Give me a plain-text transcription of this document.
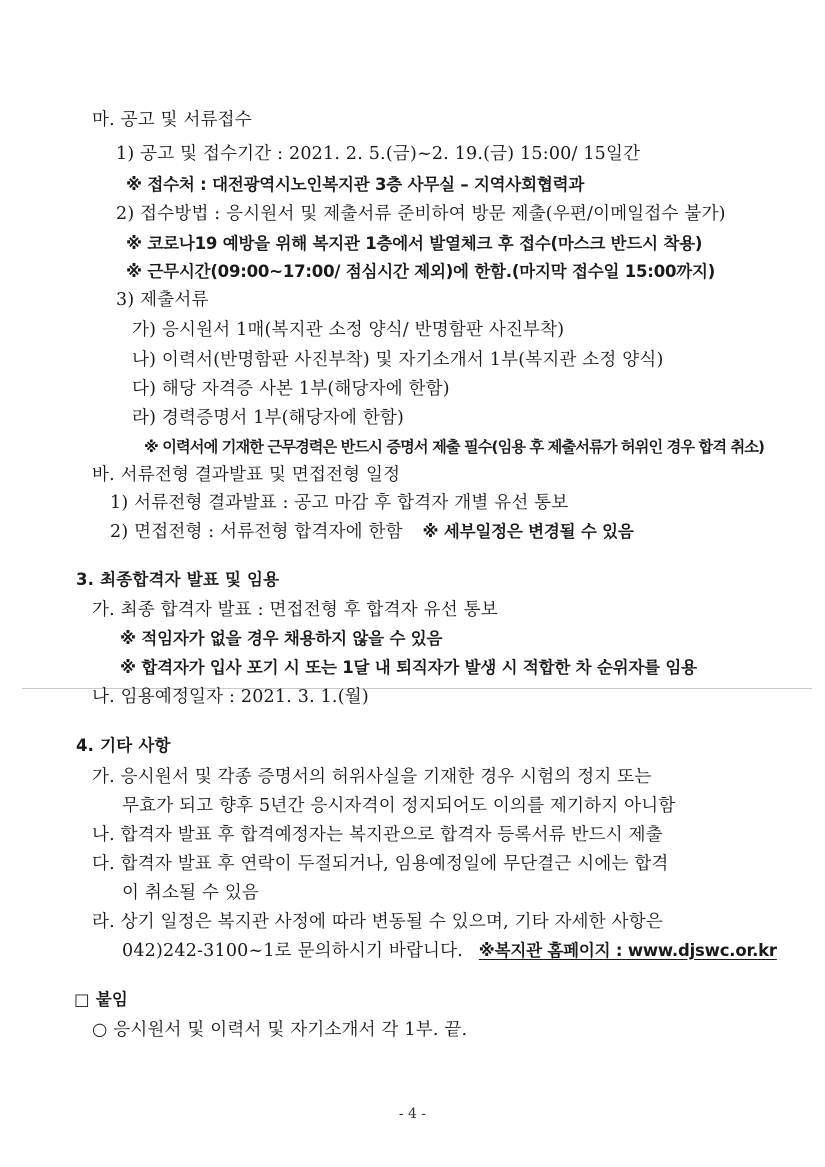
마. 공고 및 서류접수
1) 공고 및 접수기간 : 2021. 2. 5.(금)~2. 19.(금) 15:00/ 15일간
※ 접수처 : 대전광역시노인복지관 3층 사무실 – 지역사회협력과
2) 접수방법 : 응시원서 및 제출서류 준비하여 방문 제출(우편/이메일접수 불가)
※ 코로나19 예방을 위해 복지관 1층에서 발열체크 후 접수(마스크 반드시 착용)
※ 근무시간(09:00~17:00/ 점심시간 제외)에 한함.(마지막 접수일 15:00까지)
3) 제출서류
가) 응시원서 1매(복지관 소정 양식/ 반명함판 사진부착)
나) 이력서(반명함판 사진부착) 및 자기소개서 1부(복지관 소정 양식)
다) 해당 자격증 사본 1부(해당자에 한함)
라) 경력증명서 1부(해당자에 한함)
※ 이력서에 기재한 근무경력은 반드시 증명서 제출 필수(임용 후 제출서류가 허위인 경우 합격 취소)
바. 서류전형 결과발표 및 면접전형 일정
1) 서류전형 결과발표 : 공고 마감 후 합격자 개별 유선 통보
2) 면접전형 : 서류전형 합격자에 한함 ※ 세부일정은 변경될 수 있음
3. 최종합격자 발표 및 임용
가. 최종 합격자 발표 : 면접전형 후 합격자 유선 통보
※ 적임자가 없을 경우 채용하지 않을 수 있음
※ 합격자가 입사 포기 시 또는 1달 내 퇴직자가 발생 시 적합한 차 순위자를 임용
나. 임용예정일자 : 2021. 3. 1.(월)
4. 기타 사항
가. 응시원서 및 각종 증명서의 허위사실을 기재한 경우 시험의 정지 또는
무효가 되고 향후 5년간 응시자격이 정지되어도 이의를 제기하지 아니함
나. 합격자 발표 후 합격예정자는 복지관으로 합격자 등록서류 반드시 제출
다. 합격자 발표 후 연락이 두절되거나, 임용예정일에 무단결근 시에는 합격
이 취소될 수 있음
라. 상기 일정은 복지관 사정에 따라 변동될 수 있으며, 기타 자세한 사항은
042)242-3100~1로 문의하시기 바랍니다. ※복지관 홈페이지 : www.djswc.or.kr
□ 붙임
○ 응시원서 및 이력서 및 자기소개서 각 1부. 끝.
- 4 -
